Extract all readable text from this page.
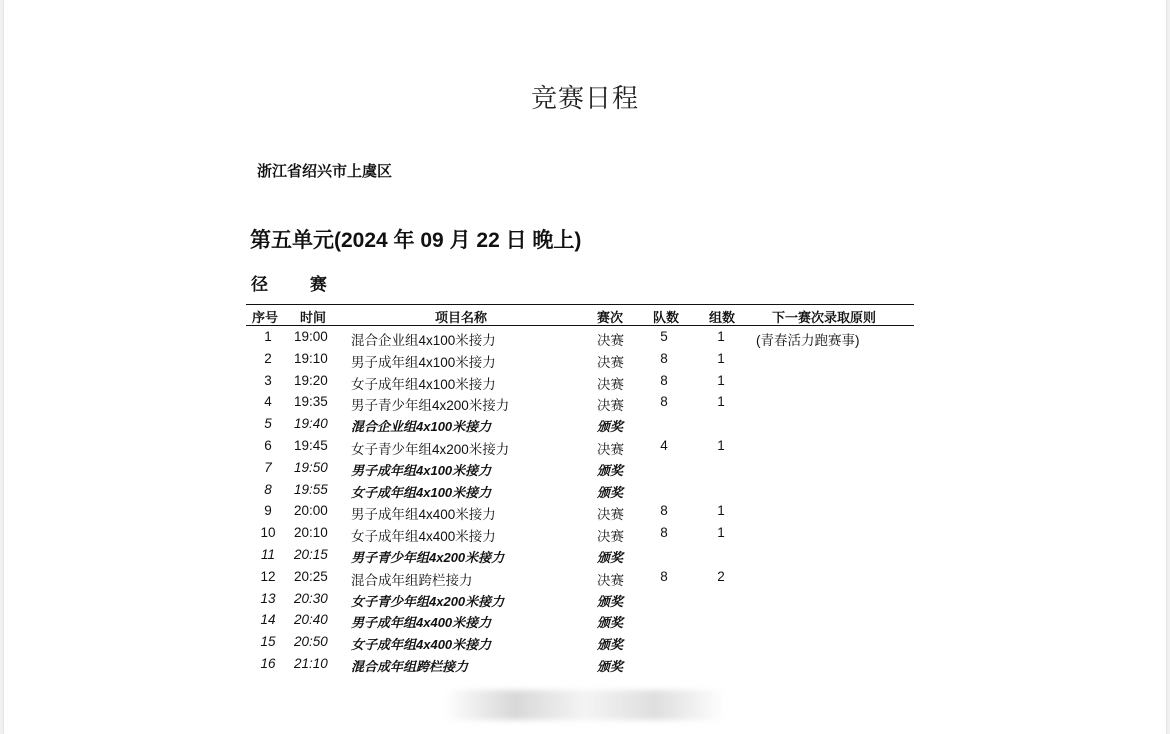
竞赛日程
浙江省绍兴市上虞区
第五单元(2024 年 09 月 22 日 晚上)
径 赛
序号	时间	项目名称	赛次	队数	组数	下一赛次录取原则
1	19:00	混合企业组4x100米接力	决赛	5	1	(青春活力跑赛事)
2	19:10	男子成年组4x100米接力	决赛	8	1
3	19:20	女子成年组4x100米接力	决赛	8	1
4	19:35	男子青少年组4x200米接力	决赛	8	1
5	19:40	混合企业组4x100米接力	颁奖
6	19:45	女子青少年组4x200米接力	决赛	4	1
7	19:50	男子成年组4x100米接力	颁奖
8	19:55	女子成年组4x100米接力	颁奖
9	20:00	男子成年组4x400米接力	决赛	8	1
10	20:10	女子成年组4x400米接力	决赛	8	1
11	20:15	男子青少年组4x200米接力	颁奖
12	20:25	混合成年组跨栏接力	决赛	8	2
13	20:30	女子青少年组4x200米接力	颁奖
14	20:40	男子成年组4x400米接力	颁奖
15	20:50	女子成年组4x400米接力	颁奖
16	21:10	混合成年组跨栏接力	颁奖
